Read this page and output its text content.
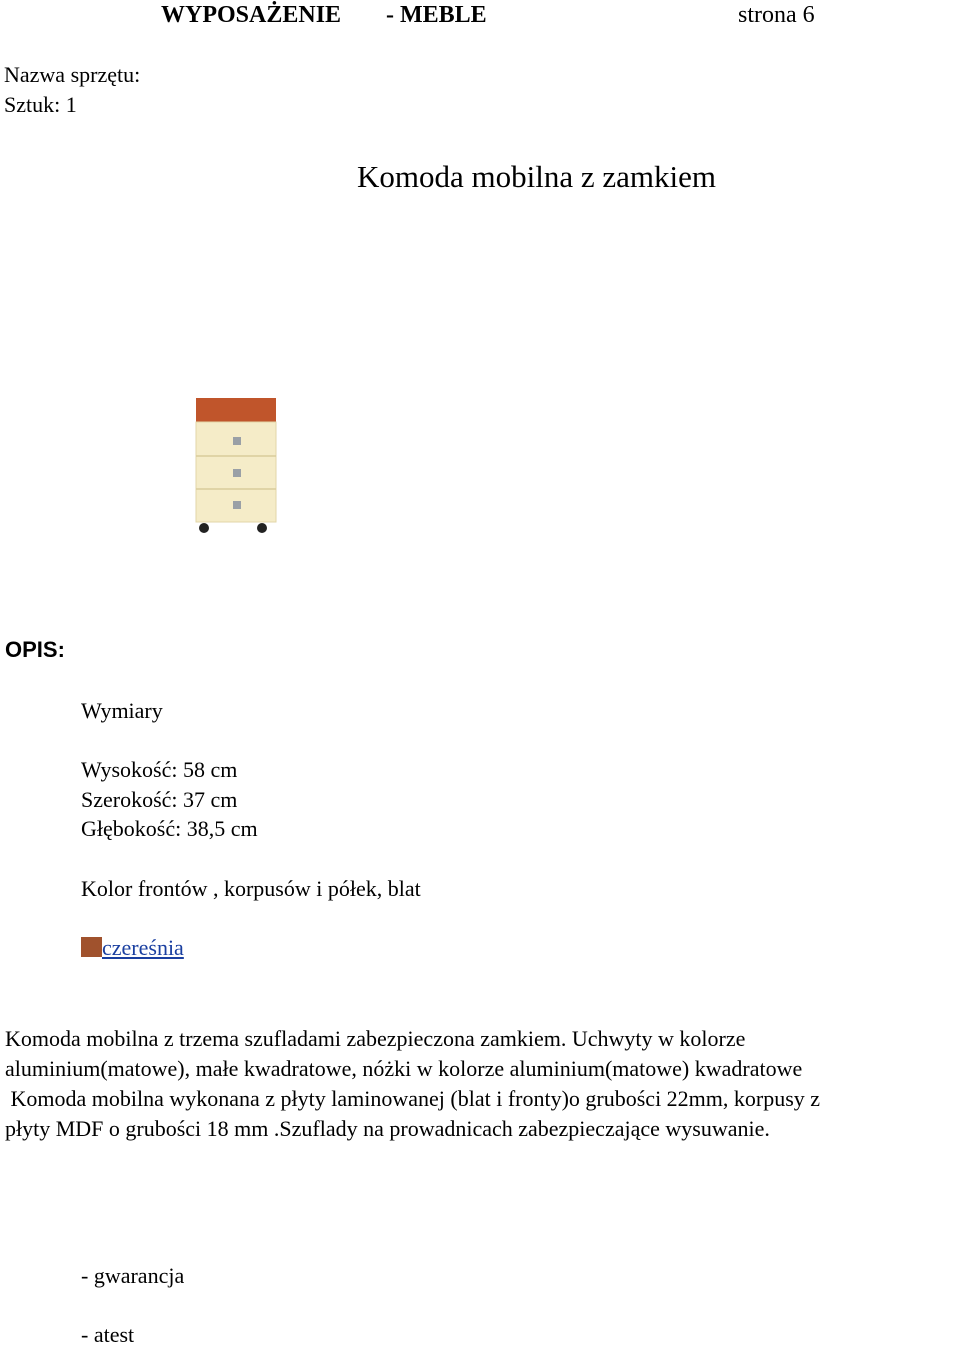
WYPOSAŻENIE - MEBLE	strona 6
Nazwa sprzętu:
Sztuk: 1
Komoda mobilna z zamkiem
OPIS:
Wymiary
Wysokość: 58 cm
Szerokość: 37 cm
Głębokość: 38,5 cm
Kolor frontów , korpusów i półek, blat
czereśnia

Komoda mobilna z trzema szufladami zabezpieczona zamkiem. Uchwyty w kolorze

aluminium(matowe), małe kwadratowe, nóżki w kolorze aluminium(matowe) kwadratowe

Komoda mobilna wykonana z płyty laminowanej (blat i fronty)o grubości 22mm, korpusy z

płyty MDF o grubości 18 mm .Szuflady na prowadnicach zabezpieczające wysuwanie.

- gwarancja
- atest
